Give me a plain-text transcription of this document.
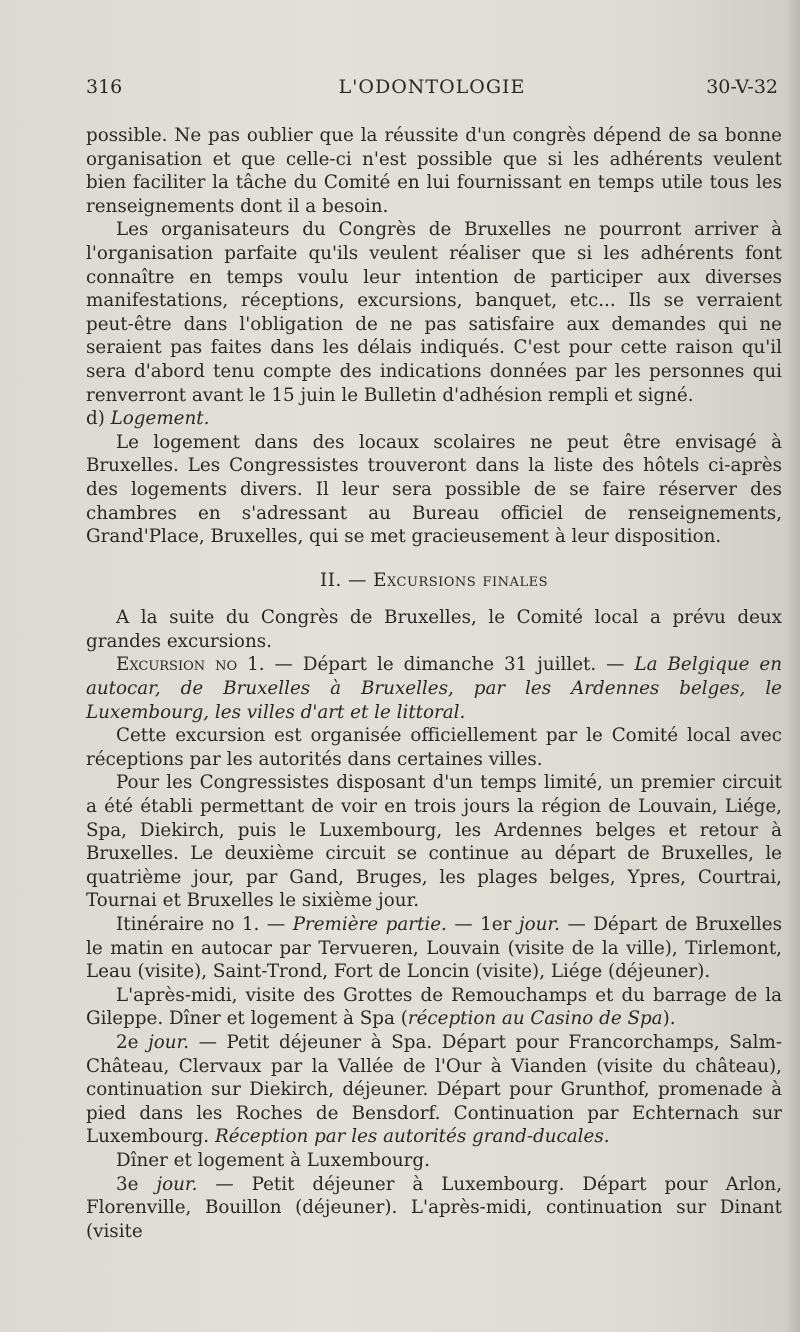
316	L'ODONTOLOGIE	30-V-32

possible. Ne pas oublier que la réussite d'un congrès dépend de sa bonne organisation et que celle-ci n'est possible que si les adhérents veulent bien faciliter la tâche du Comité en lui fournissant en temps utile tous les renseignements dont il a besoin.

Les organisateurs du Congrès de Bruxelles ne pourront arriver à l'organisation parfaite qu'ils veulent réaliser que si les adhérents font connaître en temps voulu leur intention de participer aux diverses manifestations, réceptions, excursions, banquet, etc... Ils se verraient peut-être dans l'obligation de ne pas satisfaire aux demandes qui ne seraient pas faites dans les délais indiqués. C'est pour cette raison qu'il sera d'abord tenu compte des indications données par les personnes qui renverront avant le 15 juin le Bulletin d'adhésion rempli et signé.

d) Logement.

Le logement dans des locaux scolaires ne peut être envisagé à Bruxelles. Les Congressistes trouveront dans la liste des hôtels ci-après des logements divers. Il leur sera possible de se faire réserver des chambres en s'adressant au Bureau officiel de renseignements, Grand'Place, Bruxelles, qui se met gracieusement à leur disposition.

II. — Excursions finales

A la suite du Congrès de Bruxelles, le Comité local a prévu deux grandes excursions.

Excursion no 1. — Départ le dimanche 31 juillet. — La Belgique en autocar, de Bruxelles à Bruxelles, par les Ardennes belges, le Luxembourg, les villes d'art et le littoral.

Cette excursion est organisée officiellement par le Comité local avec réceptions par les autorités dans certaines villes.

Pour les Congressistes disposant d'un temps limité, un premier circuit a été établi permettant de voir en trois jours la région de Louvain, Liége, Spa, Diekirch, puis le Luxembourg, les Ardennes belges et retour à Bruxelles. Le deuxième circuit se continue au départ de Bruxelles, le quatrième jour, par Gand, Bruges, les plages belges, Ypres, Courtrai, Tournai et Bruxelles le sixième jour.

Itinéraire no 1. — Première partie. — 1er jour. — Départ de Bruxelles le matin en autocar par Tervueren, Louvain (visite de la ville), Tirlemont, Leau (visite), Saint-Trond, Fort de Loncin (visite), Liége (déjeuner).

L'après-midi, visite des Grottes de Remouchamps et du barrage de la Gileppe. Dîner et logement à Spa (réception au Casino de Spa).

2e jour. — Petit déjeuner à Spa. Départ pour Francorchamps, Salm-Château, Clervaux par la Vallée de l'Our à Vianden (visite du château), continuation sur Diekirch, déjeuner. Départ pour Grunthof, promenade à pied dans les Roches de Bensdorf. Continuation par Echternach sur Luxembourg. Réception par les autorités grand-ducales.

Dîner et logement à Luxembourg.

3e jour. — Petit déjeuner à Luxembourg. Départ pour Arlon, Florenville, Bouillon (déjeuner). L'après-midi, continuation sur Dinant (visite
